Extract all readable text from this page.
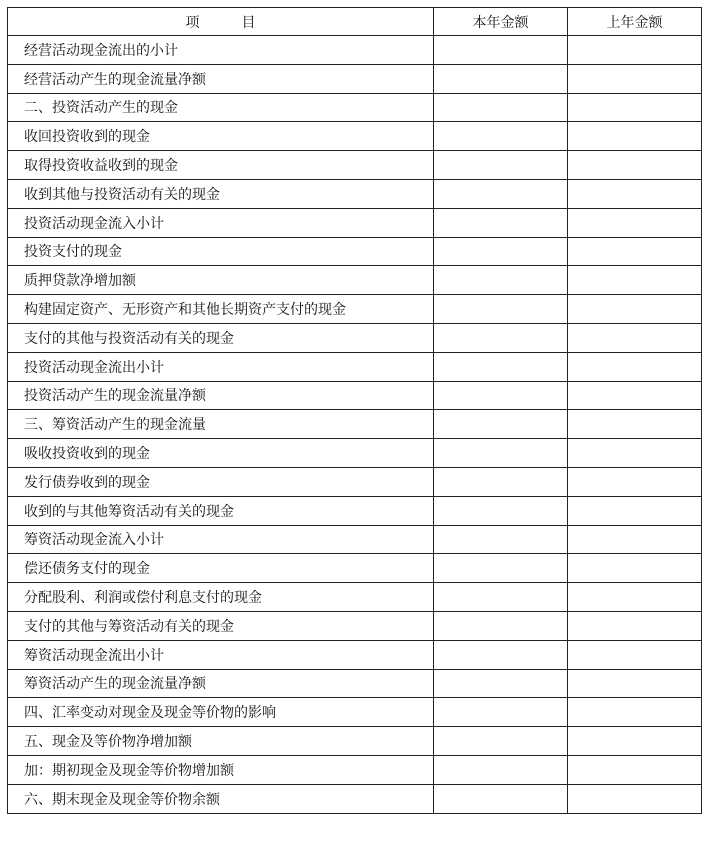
项 目	本年金额	上年金额
经营活动现金流出的小计		
经营活动产生的现金流量净额		
二、投资活动产生的现金		
收回投资收到的现金		
取得投资收益收到的现金		
收到其他与投资活动有关的现金		
投资活动现金流入小计		
投资支付的现金		
质押贷款净增加额		
构建固定资产、无形资产和其他长期资产支付的现金		
支付的其他与投资活动有关的现金		
投资活动现金流出小计		
投资活动产生的现金流量净额		
三、筹资活动产生的现金流量		
吸收投资收到的现金		
发行债券收到的现金		
收到的与其他筹资活动有关的现金		
筹资活动现金流入小计		
偿还债务支付的现金		
分配股利、利润或偿付利息支付的现金		
支付的其他与筹资活动有关的现金		
筹资活动现金流出小计		
筹资活动产生的现金流量净额		
四、汇率变动对现金及现金等价物的影响		
五、现金及等价物净增加额		
加：期初现金及现金等价物增加额		
六、期末现金及现金等价物余额		
